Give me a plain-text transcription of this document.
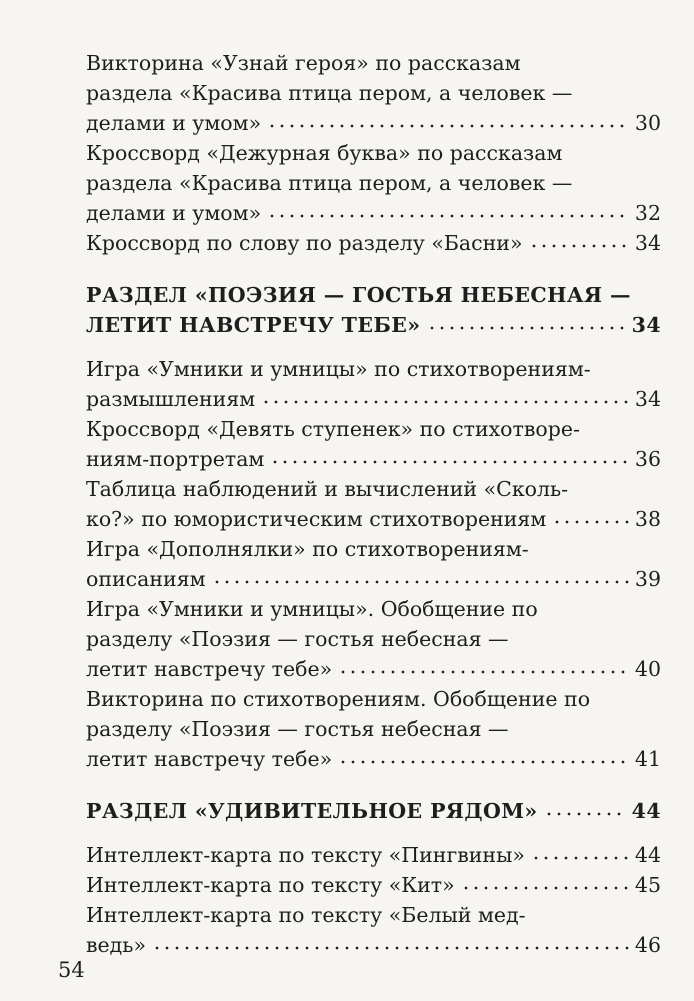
Викторина «Узнай героя» по рассказам
раздела «Красива птица пером, а человек —
делами и умом»	30
Кроссворд «Дежурная буква» по рассказам
раздела «Красива птица пером, а человек —
делами и умом»	32
Кроссворд по слову по разделу «Басни»	34
РАЗДЕЛ «ПОЭЗИЯ — ГОСТЬЯ НЕБЕСНАЯ —
ЛЕТИТ НАВСТРЕЧУ ТЕБЕ»	34
Игра «Умники и умницы» по стихотворениям-
размышлениям	34
Кроссворд «Девять ступенек» по стихотворе-
ниям-портретам	36
Таблица наблюдений и вычислений «Сколь-
ко?» по юмористическим стихотворениям	38
Игра «Дополнялки» по стихотворениям-
описаниям	39
Игра «Умники и умницы». Обобщение по
разделу «Поэзия — гостья небесная —
летит навстречу тебе»	40
Викторина по стихотворениям. Обобщение по
разделу «Поэзия — гостья небесная —
летит навстречу тебе»	41
РАЗДЕЛ «УДИВИТЕЛЬНОЕ РЯДОМ»	44
Интеллект-карта по тексту «Пингвины»	44
Интеллект-карта по тексту «Кит»	45
Интеллект-карта по тексту «Белый мед-
ведь»	46
54
